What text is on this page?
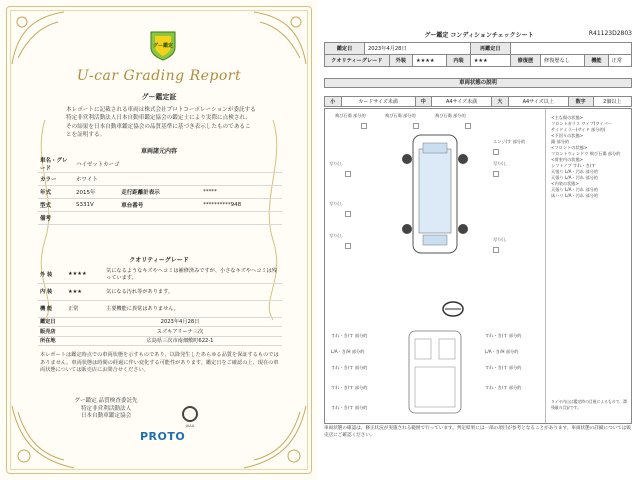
グー鑑定
U-car Grading Report
グー鑑定証
本レポートに記載される車両は株式会社プロトコーポレーションが委託する特定非営利活動法人日本自動車鑑定協会の鑑定士により実際に点検され、その結果を日本自動車鑑定協会の品質基準に基づき表示したものであることを証明する。
車両諸元内容
車名・グレード	ハイゼットカーゴ		
カラー	ホワイト		
年式	2015年	走行距離計表示	*****
型式	S331V	車台番号	**********948
備考			
クオリティーグレード
外 装	★★★★	気になるようなキズやヘコミは補修済みですが、小さなキズやヘコミは残っています。
内 装	★★★	気になる汚れ等があります。
機 能	正常	主要機能に異常はありません。
鑑定日	2023年4月28日
販売店	スズキアリーナ三次
所在地	広島県三次市南畑敷町622-1
本レポートは鑑定時点での車両状態を示すものであり、以降発生したあらゆる品質を保証するものではありません。車両状態は時間の経過に伴い変化する可能性があります。鑑定日をご確認の上、現在の車両状態については販売店にお問合せください。
グー鑑定 品質検査委託先
特定非営利活動法人
日本自動車鑑定協会
JAAA
PROTO
グー鑑定 コンディションチェックシート	R41123D2803
鑑定日	2023年4月28日				再鑑定日				
クオリティーグレード		外装	★★★★	内装	★★★	修復歴	修復歴なし	機能	正常
車両状態の説明
小	カードサイズ未満	中	A4サイズ未満	大	A4サイズ以上	数字	2個以上
飛び石傷 部分的	飛び石傷 部分的	飛び石傷 部分的
エンジ(す 部分的
写り(し	写り(し
写り(し
写り(し
写り(し
すれ・き(す 部分的	すれ・き(す 部分的
L/A・き/H 部分的	L/A・き/H 部分的
すれ・き(す 部分的	すれ・き(す 部分的
すれ・き(す 部分的	すれ・き(す 部分的
すれ・き(す 部分的
<主な傷の状態>
フロントガラス ワイプ(ワイパー
サイドミラー(サイド 部分的)
<下回りの状態>
錆 部分的
<フロントの状態>
フロントウィンドウ 飛び石傷 部分的
<荷室内の状態>
シフトノブ すれ・き(す
天張り L/A・汚れ 部分的
天張り L/A・汚れ 部分的
<内装の状態>
天張り L/A・汚れ 部分的
床ハリ L/A・汚れ 部分的
タイヤ内山は鑑定時の目視によるもので、溝残量の目安です。
車両状態の確認は、修正状況が実施される範囲で行っています。判定結果には一部の項目が参考となることがあります。車両状態の詳細については販売店にご確認ください。
